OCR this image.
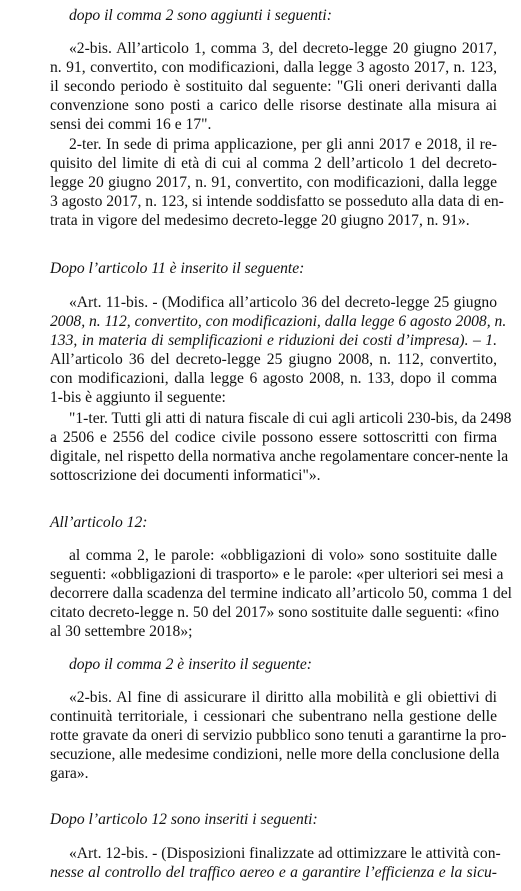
dopo il comma 2 sono aggiunti i seguenti:
«2-bis. All’articolo 1, comma 3, del decreto-legge 20 giugno 2017,
n. 91, convertito, con modificazioni, dalla legge 3 agosto 2017, n. 123,
il secondo periodo è sostituito dal seguente: "Gli oneri derivanti dalla
convenzione sono posti a carico delle risorse destinate alla misura ai
sensi dei commi 16 e 17".
2-ter. In sede di prima applicazione, per gli anni 2017 e 2018, il re-
quisito del limite di età di cui al comma 2 dell’articolo 1 del decreto-
legge 20 giugno 2017, n. 91, convertito, con modificazioni, dalla legge
3 agosto 2017, n. 123, si intende soddisfatto se posseduto alla data di en-
trata in vigore del medesimo decreto-legge 20 giugno 2017, n. 91».
Dopo l’articolo 11 è inserito il seguente:
«Art. 11-bis. - (Modifica all’articolo 36 del decreto-legge 25 giugno
2008, n. 112, convertito, con modificazioni, dalla legge 6 agosto 2008, n.
133, in materia di semplificazioni e riduzioni dei costi d’impresa). – 1.
All’articolo 36 del decreto-legge 25 giugno 2008, n. 112, convertito,
con modificazioni, dalla legge 6 agosto 2008, n. 133, dopo il comma
1-bis è aggiunto il seguente:
"1-ter. Tutti gli atti di natura fiscale di cui agli articoli 230-bis, da 2498
a 2506 e 2556 del codice civile possono essere sottoscritti con firma
digitale, nel rispetto della normativa anche regolamentare concer-nente la
sottoscrizione dei documenti informatici"».
All’articolo 12:
al comma 2, le parole: «obbligazioni di volo» sono sostituite dalle
seguenti: «obbligazioni di trasporto» e le parole: «per ulteriori sei mesi a
decorrere dalla scadenza del termine indicato all’articolo 50, comma 1 del
citato decreto-legge n. 50 del 2017» sono sostituite dalle seguenti: «fino
al 30 settembre 2018»;
dopo il comma 2 è inserito il seguente:
«2-bis. Al fine di assicurare il diritto alla mobilità e gli obiettivi di
continuità territoriale, i cessionari che subentrano nella gestione delle
rotte gravate da oneri di servizio pubblico sono tenuti a garantirne la pro-
secuzione, alle medesime condizioni, nelle more della conclusione della
gara».
Dopo l’articolo 12 sono inseriti i seguenti:
«Art. 12-bis. - (Disposizioni finalizzate ad ottimizzare le attività con-
nesse al controllo del traffico aereo e a garantire l’efficienza e la sicu-
